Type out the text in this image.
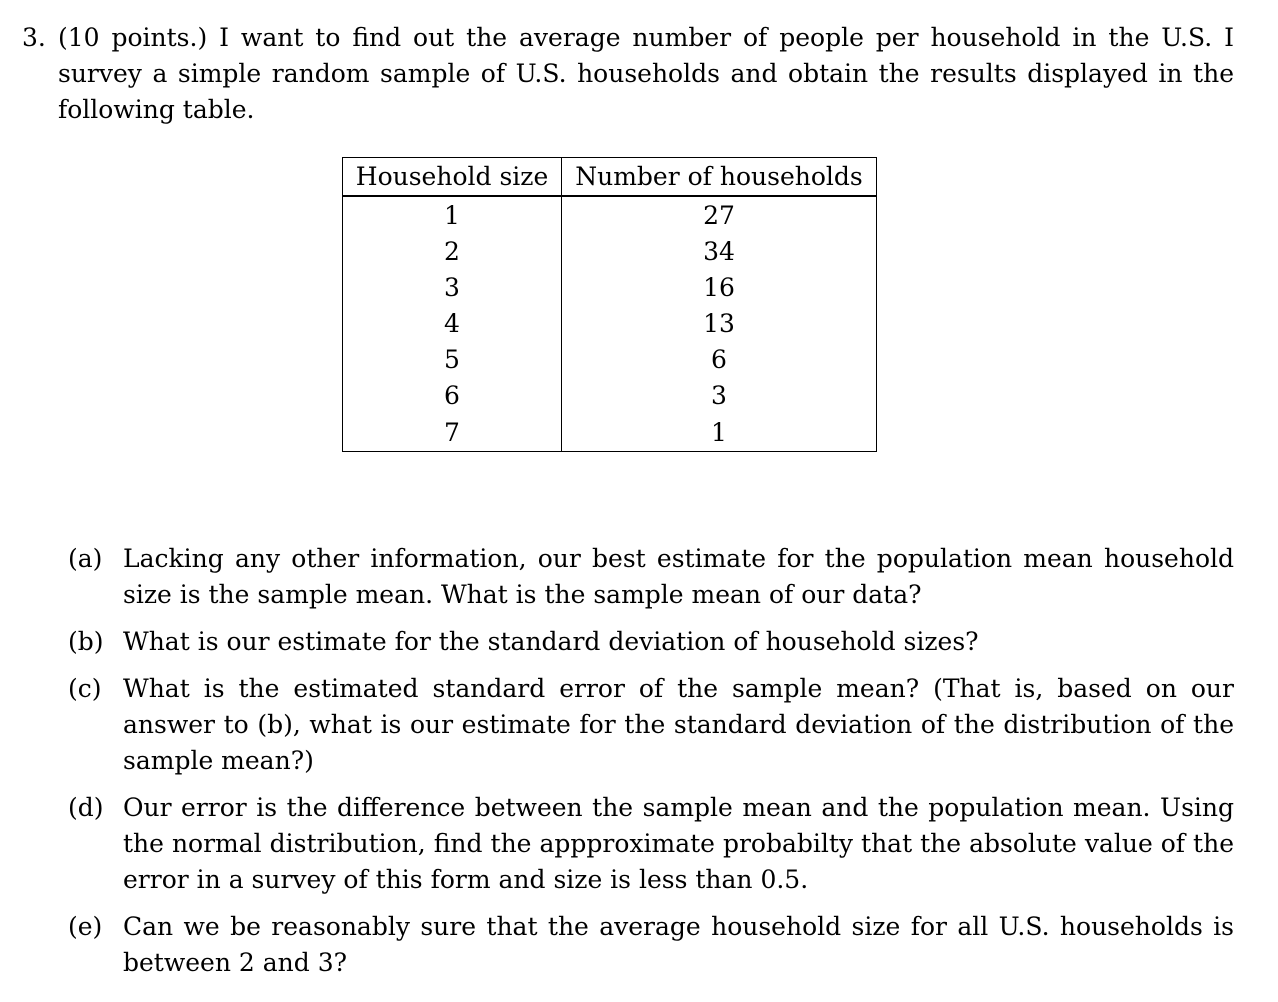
3. (10 points.) I want to find out the average number of people per household in the U.S. I survey a simple random sample of U.S. households and obtain the results displayed in the following table.
Household size	Number of households
1	27
2	34
3	16
4	13
5	6
6	3
7	1
(a) Lacking any other information, our best estimate for the population mean household size is the sample mean. What is the sample mean of our data?
(b) What is our estimate for the standard deviation of household sizes?
(c) What is the estimated standard error of the sample mean? (That is, based on our answer to (b), what is our estimate for the standard deviation of the distribution of the sample mean?)
(d) Our error is the difference between the sample mean and the population mean. Using the normal distribution, find the appproximate probabilty that the absolute value of the error in a survey of this form and size is less than 0.5.
(e) Can we be reasonably sure that the average household size for all U.S. households is between 2 and 3?
